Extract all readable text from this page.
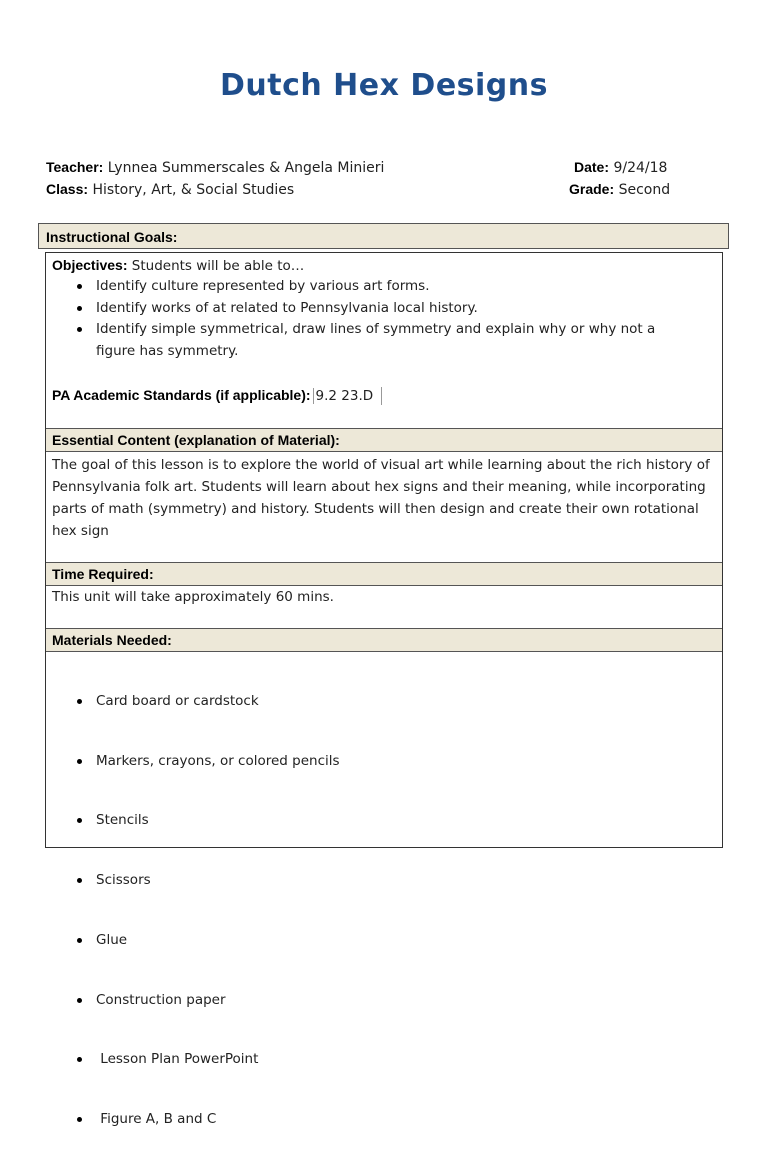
Dutch Hex Designs
Teacher: Lynnea Summerscales & Angela Minieri	Date: 9/24/18
Class: History, Art, & Social Studies	Grade: Second
Instructional Goals:
Objectives: Students will be able to…
Identify culture represented by various art forms.
Identify works of at related to Pennsylvania local history.
Identify simple symmetrical, draw lines of symmetry and explain why or why not a figure has symmetry.
PA Academic Standards (if applicable): 9.2 23.D
Essential Content (explanation of Material):
The goal of this lesson is to explore the world of visual art while learning about the rich history of Pennsylvania folk art. Students will learn about hex signs and their meaning, while incorporating parts of math (symmetry) and history. Students will then design and create their own rotational hex sign
Time Required:
This unit will take approximately 60 mins.
Materials Needed:

Card board or cardstock

Markers, crayons, or colored pencils

Stencils

Scissors

Glue

Construction paper

Lesson Plan PowerPoint

Figure A, B and C
